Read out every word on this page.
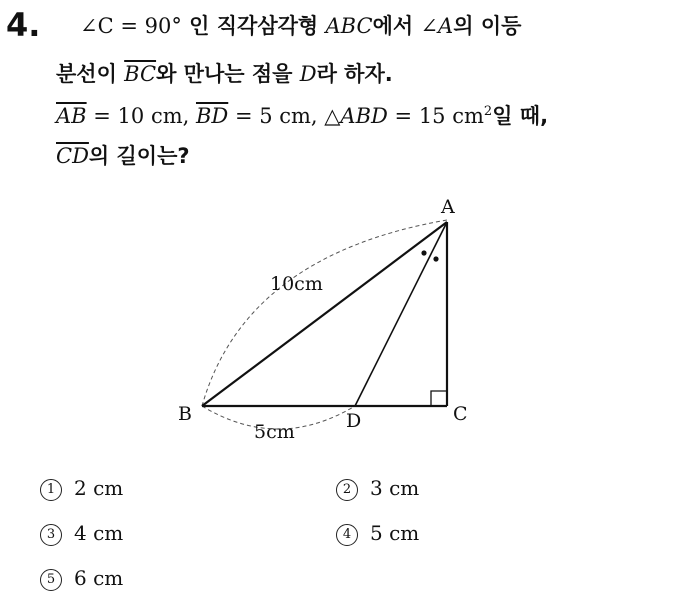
4. ∠C = 90° 인 직각삼각형 ABC에서 ∠A의 이등
분선이 $\overline{BC}$와 만나는 점을 D라 하자.
$\overline{AB} = 10$ cm, $\overline{BD} = 5$ cm, △ABD = 15 $cm^2$일 때,
$\overline{CD}$의 길이는?
A
B	C
D
10cm
5cm
1 2 cm	2 3 cm
3 4 cm	4 5 cm
5 6 cm
